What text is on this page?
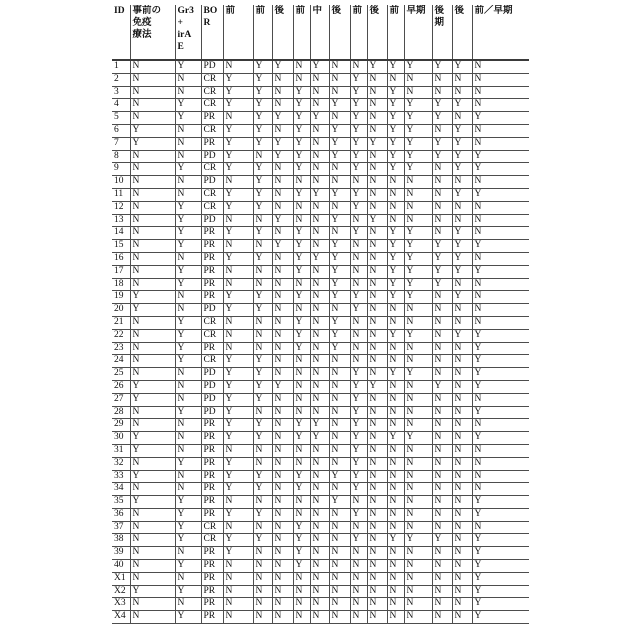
ID	事前の
免疫
療法	Gr3
+
irA
E	BO
R	前	前	後	前	中	後	前	後	前	早期	後期	後	前／早期
1	N	Y	PD	N	Y	Y	N	Y	N	N	Y	Y	Y	Y	Y	N
2	N	N	CR	Y	Y	N	N	N	N	Y	N	N	N	N	N	N
3	N	N	CR	Y	Y	N	Y	N	N	Y	N	Y	N	N	N	N
4	N	Y	CR	Y	Y	N	Y	N	Y	Y	N	Y	Y	Y	Y	N
5	N	Y	PR	N	Y	Y	Y	Y	N	Y	N	Y	Y	Y	N	Y
6	Y	N	CR	Y	Y	N	Y	N	Y	Y	N	Y	Y	N	Y	N
7	Y	N	PR	Y	Y	Y	Y	N	Y	Y	Y	Y	Y	Y	Y	N
8	N	N	PD	Y	N	Y	Y	N	Y	Y	N	Y	Y	Y	Y	Y
9	N	Y	CR	Y	Y	N	Y	N	N	Y	N	Y	Y	N	Y	Y
10	N	N	PD	N	Y	N	N	N	N	N	N	N	N	N	N	N
11	N	N	CR	Y	Y	N	Y	Y	Y	Y	N	N	N	N	Y	Y
12	N	Y	CR	Y	Y	N	N	N	N	Y	N	N	N	N	N	N
13	N	Y	PD	N	N	Y	N	N	Y	N	Y	N	N	N	N	N
14	N	Y	PR	Y	Y	N	Y	N	N	Y	N	Y	Y	N	Y	N
15	N	Y	PR	N	N	Y	Y	N	Y	N	N	Y	Y	Y	Y	Y
16	N	N	PR	Y	Y	N	Y	Y	Y	N	N	Y	Y	Y	Y	N
17	N	Y	PR	N	N	N	Y	N	Y	N	N	Y	Y	Y	Y	Y
18	N	Y	PR	N	N	N	N	N	Y	N	N	Y	Y	Y	N	N
19	Y	N	PR	Y	Y	N	Y	N	Y	Y	N	Y	Y	N	Y	N
20	Y	N	PD	Y	Y	N	N	N	N	Y	N	N	N	N	N	N
21	N	Y	CR	N	N	N	Y	N	Y	N	N	N	N	N	N	N
22	N	Y	CR	N	N	N	Y	N	Y	N	N	Y	Y	N	Y	Y
23	N	Y	PR	N	N	N	Y	N	Y	N	N	N	N	N	N	Y
24	N	Y	CR	Y	Y	N	N	N	N	N	N	N	N	N	N	Y
25	N	N	PD	Y	Y	N	N	N	N	Y	N	Y	Y	N	N	Y
26	Y	N	PD	Y	Y	Y	N	N	N	Y	Y	N	N	Y	N	Y
27	Y	N	PD	Y	Y	N	N	N	N	Y	N	N	N	N	N	N
28	N	Y	PD	Y	N	N	N	N	N	Y	N	N	N	N	N	Y
29	N	N	PR	Y	Y	N	Y	Y	N	Y	N	N	N	N	N	N
30	Y	N	PR	Y	Y	N	Y	Y	N	Y	N	Y	Y	N	N	Y
31	Y	N	PR	N	N	N	N	N	N	Y	N	N	N	N	N	N
32	N	Y	PR	Y	N	N	N	N	N	Y	N	N	N	N	N	N
33	Y	N	PR	Y	Y	N	Y	N	Y	Y	N	N	N	N	N	N
34	N	N	PR	Y	Y	N	Y	N	N	Y	N	N	N	N	N	N
35	Y	Y	PR	N	N	N	N	N	Y	N	N	N	N	N	N	Y
36	N	Y	PR	Y	Y	N	N	N	N	Y	N	N	N	N	N	Y
37	N	Y	CR	N	N	N	Y	N	N	N	N	N	N	N	N	N
38	N	Y	CR	Y	Y	N	Y	N	N	Y	N	Y	Y	Y	N	Y
39	N	N	PR	Y	N	N	Y	N	N	N	N	N	N	N	N	Y
40	N	Y	PR	N	N	N	Y	N	N	N	N	N	N	N	N	Y
X1	N	N	PR	N	N	N	N	N	N	N	N	N	N	N	N	Y
X2	Y	Y	PR	N	N	N	N	N	N	N	N	N	N	N	N	Y
X3	N	N	PR	N	N	N	N	N	N	N	N	N	N	N	N	Y
X4	N	Y	PR	N	N	N	N	N	N	N	N	N	N	N	N	Y
